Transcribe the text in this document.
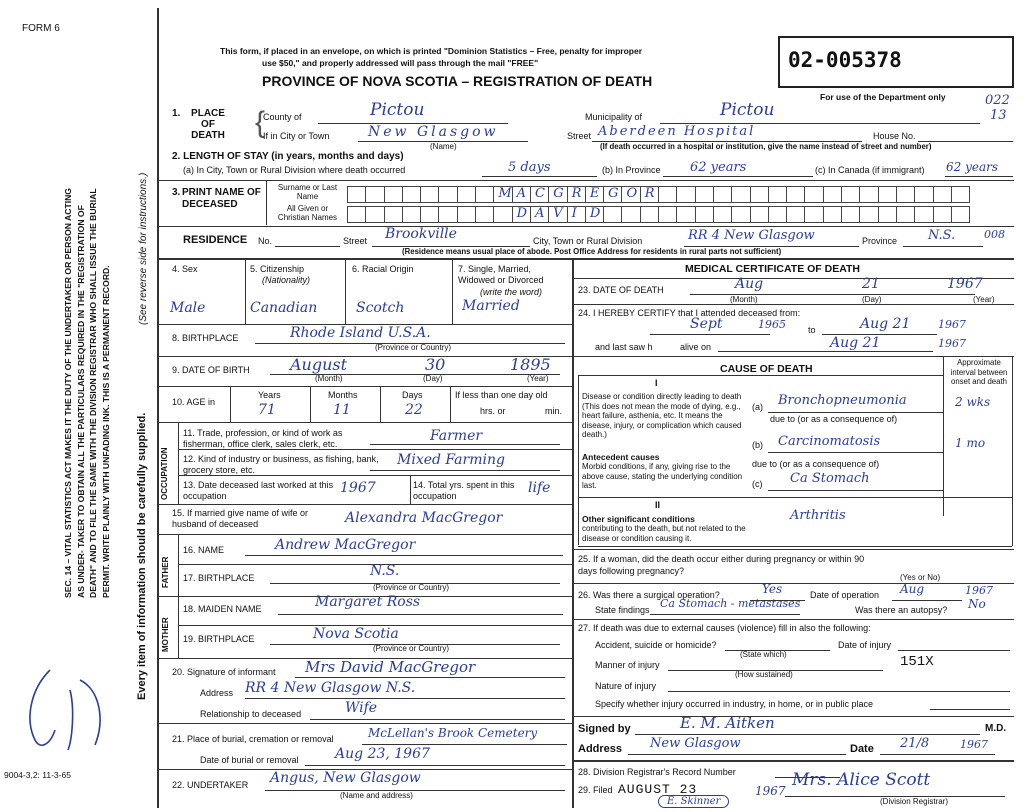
FORM 6
This form, if placed in an envelope, on which is printed "Dominion Statistics – Free, penalty for improper
use $50," and properly addressed will pass through the mail "FREE"
PROVINCE OF NOVA SCOTIA – REGISTRATION OF DEATH
02-005378
For use of the Department only	022
13
SEC. 14 – VITAL STATISTICS ACT MAKES IT THE DUTY OF THE UNDERTAKER OR PERSON ACTING AS UNDER- TAKER TO OBTAIN ALL THE PARTICULARS REQUIRED IN THE "REGISTRATION OF DEATH" AND TO FILE THE SAME WITH THE DIVISION REGISTRAR WHO SHALL ISSUE THE BURIAL PERMIT. WRITE PLAINLY WITH UNFADING INK. THIS IS A PERMANENT RECORD. Every item of information should be carefully supplied.
(See reverse side for instructions.)
9004-3,2: 11-3-65
1.	PLACE OF DEATH {
County of	Pictou	Municipality of	Pictou
If in City or Town	New Glasgow
(Name)
Street Aberdeen Hospital	House No.
(If death occurred in a hospital or institution, give the name instead of street and number)
2. LENGTH OF STAY (in years, months and days)
(a) In City, Town or Rural Division where death occurred	5 days	(b) In Province 62 years	(c) In Canada (if immigrant) 62 years
3. PRINT NAME OF DECEASED
Surname or Last Name
All Given or Christian Names
M A C G R E G O R
D A V I D
RESIDENCE No.	Street Brookville	City, Town or Rural Division	RR 4 New Glasgow	Province N.S.	008
(Residence means usual place of abode. Post Office Address for residents in rural parts not sufficient)
4. Sex	5. Citizenship
(Nationality)
6. Racial Origin	7. Single, Married, Widowed or Divorced
(write the word)
Male	Canadian	Scotch	Married
8. BIRTHPLACE	Rhode Island U.S.A.
(Province or Country)
9. DATE OF BIRTH	August	30	1895
(Month)	(Day)	(Year)
10. AGE in
Years	Months	Days
71	11	22
If less than one day old
hrs. or	min.
OCCUPATION
11. Trade, profession, or kind of work as fisherman, office clerk, sales clerk, etc.	Farmer
12. Kind of industry or business, as fishing, bank, grocery store, etc.
Mixed Farming
13. Date deceased last worked at this occupation	1967	14. Total yrs. spent in this occupation	life
15. If married give name of wife or husband of deceased	Alexandra MacGregor
FATHER
16. NAME	Andrew MacGregor
17. BIRTHPLACE	N.S.
(Province or Country)
MOTHER
18. MAIDEN NAME	Margaret Ross
19. BIRTHPLACE	Nova Scotia
(Province or Country)
20. Signature of informant Mrs David MacGregor
Address RR 4 New Glasgow N.S.
Relationship to deceased	Wife
21. Place of burial, cremation or removal	McLellan's Brook Cemetery
Date of burial or removal	Aug 23, 1967
22. UNDERTAKER Angus, New Glasgow
(Name and address)
MEDICAL CERTIFICATE OF DEATH
23. DATE OF DEATH	Aug	21	1967
(Month)	(Day)	(Year)
24. I HEREBY CERTIFY that I attended deceased from:
Sept	1965 to	Aug 21	1967
and last saw h	alive on	Aug 21	1967
CAUSE OF DEATH
Approximate interval between onset and death
I
Disease or condition directly leading to death (This does not mean the mode of dying, e.g., heart failure, asthenia, etc. It means the disease, injury, or complication which caused death.)
(a) Bronchopneumonia	2 wks
due to (or as a consequence of)
Antecedent causes
Morbid conditions, if any, giving rise to the above cause, stating the underlying condition last.
(b) Carcinomatosis	1 mo
due to (or as a consequence of)
(c) Ca Stomach
II
Other significant conditions
contributing to the death, but not related to the disease or condition causing it.
Arthritis
25. If a woman, did the death occur either during pregnancy or within 90 days following pregnancy?
(Yes or No)
26. Was there a surgical operation?	Yes	Date of operation Aug	1967
State findings Ca Stomach - metastases	Was there an autopsy? No
27. If death was due to external causes (violence) fill in also the following:
Accident, suicide or homicide?
(State which)
Date of injury
Manner of injury
(How sustained)
151X
Nature of injury
Specify whether injury occurred in industry, in home, or in public place
Signed by	E. M. Aitken	M.D.
Address New Glasgow	Date 21/8	1967
28. Division Registrar's Record Number
29. Filed AUGUST 23	1967
Mrs. Alice Scott
(Division Registrar)
E. Skinner
